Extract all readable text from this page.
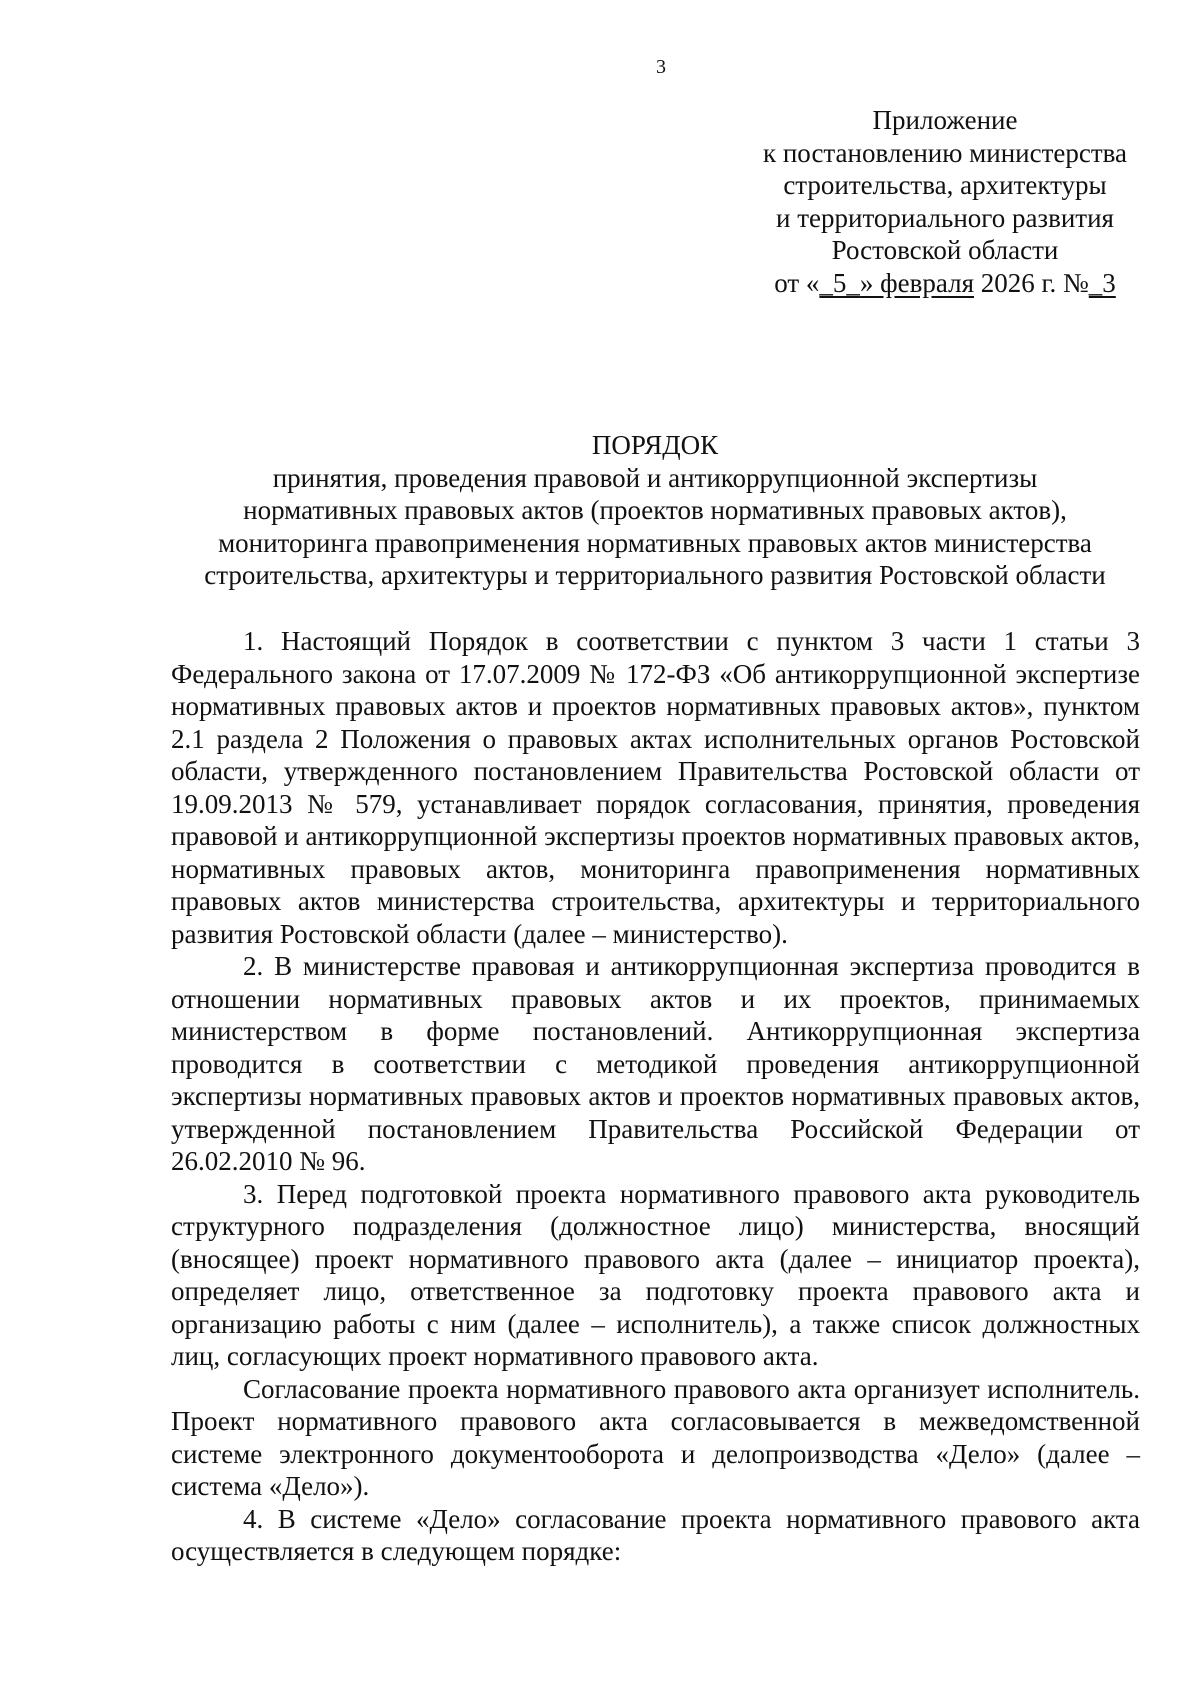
3
Приложение
к постановлению министерства
строительства, архитектуры
и территориального развития
Ростовской области
от «_5_» февраля 2026 г. №_3
ПОРЯДОК
принятия, проведения правовой и антикоррупционной экспертизы
нормативных правовых актов (проектов нормативных правовых актов),
мониторинга правоприменения нормативных правовых актов министерства
строительства, архитектуры и территориального развития Ростовской области

1. Настоящий Порядок в соответствии с пунктом 3 части 1 статьи 3 Федерального закона от 17.07.2009 № 172-ФЗ «Об антикоррупционной экспертизе нормативных правовых актов и проектов нормативных правовых актов», пунктом 2.1 раздела 2 Положения о правовых актах исполнительных органов Ростовской области, утвержденного постановлением Правительства Ростовской области от 19.09.2013 № 579, устанавливает порядок согласования, принятия, проведения правовой и антикоррупционной экспертизы проектов нормативных правовых актов, нормативных правовых актов, мониторинга правоприменения нормативных правовых актов министерства строительства, архитектуры и территориального развития Ростовской области (далее – министерство).

2. В министерстве правовая и антикоррупционная экспертиза проводится в отношении нормативных правовых актов и их проектов, принимаемых министерством в форме постановлений. Антикоррупционная экспертиза проводится в соответствии с методикой проведения антикоррупционной экспертизы нормативных правовых актов и проектов нормативных правовых актов, утвержденной постановлением Правительства Российской Федерации от 26.02.2010 № 96.

3. Перед подготовкой проекта нормативного правового акта руководитель структурного подразделения (должностное лицо) министерства, вносящий (вносящее) проект нормативного правового акта (далее – инициатор проекта), определяет лицо, ответственное за подготовку проекта правового акта и организацию работы с ним (далее – исполнитель), а также список должностных лиц, согласующих проект нормативного правового акта.

Согласование проекта нормативного правового акта организует исполнитель. Проект нормативного правового акта согласовывается в межведомственной системе электронного документооборота и делопроизводства «Дело» (далее – система «Дело»).

4. В системе «Дело» согласование проекта нормативного правового акта осуществляется в следующем порядке:
